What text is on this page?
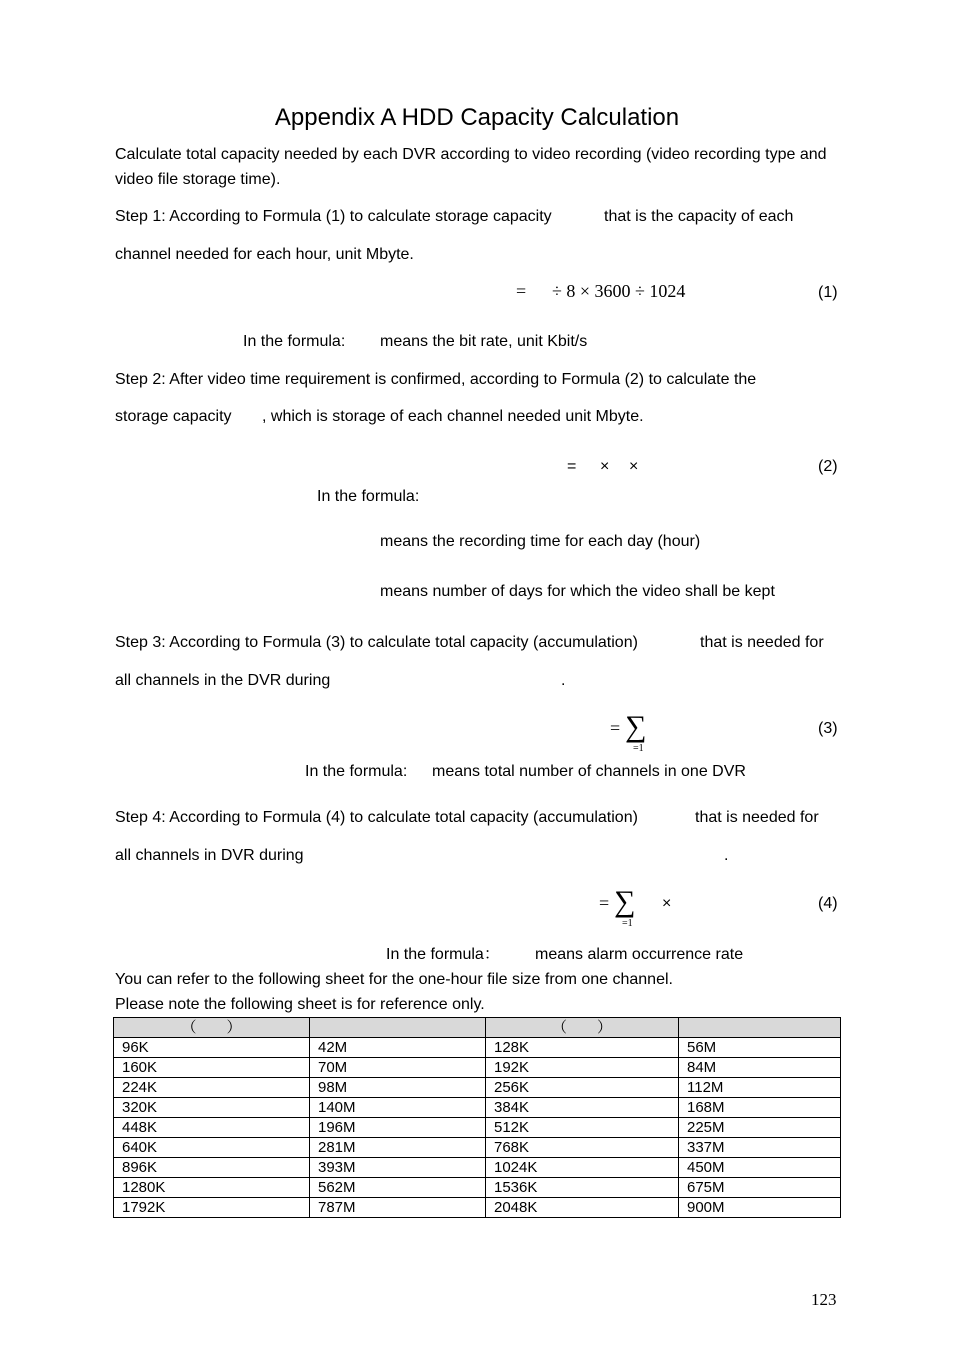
Appendix A HDD Capacity Calculation
Calculate total capacity needed by each DVR according to video recording (video recording type and video file storage time).
Step 1: According to Formula (1) to calculate storage capacity	that is the capacity of each
channel needed for each hour, unit Mbyte.
= ÷ 8 × 3600 ÷ 1024	(1)
In the formula: means the bit rate, unit Kbit/s
Step 2: After video time requirement is confirmed, according to Formula (2) to calculate the
storage capacity , which is storage of each channel needed unit Mbyte.
= × ×	(2)
In the formula:
means the recording time for each day (hour)
means number of days for which the video shall be kept
Step 3: According to Formula (3) to calculate total capacity (accumulation)	that is needed for
all channels in the DVR during	.
= ∑
=1
(3)
In the formula: means total number of channels in one DVR
Step 4: According to Formula (4) to calculate total capacity (accumulation)	that is needed for
all channels in DVR during	.
= ∑
=1
×	(4)
In the formula： means alarm occurrence rate
You can refer to the following sheet for the one-hour file size from one channel.
Please note the following sheet is for reference only.
（　　）		（　　）	
96K	42M	128K	56M
160K	70M	192K	84M
224K	98M	256K	112M
320K	140M	384K	168M
448K	196M	512K	225M
640K	281M	768K	337M
896K	393M	1024K	450M
1280K	562M	1536K	675M
1792K	787M	2048K	900M
123
